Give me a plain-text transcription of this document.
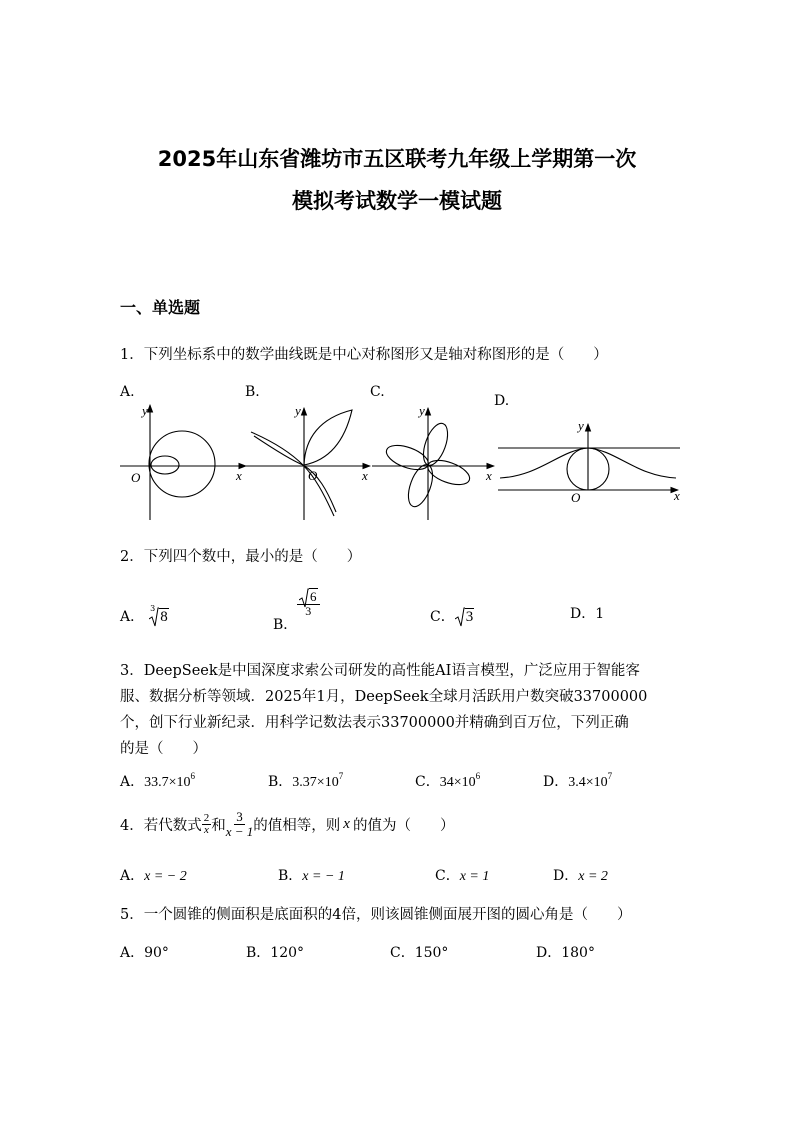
2025年山东省潍坊市五区联考九年级上学期第一次
模拟考试数学一模试题
一、单选题
1．下列坐标系中的数学曲线既是中心对称图形又是轴对称图形的是（　　）
A.	B.	C.
D.
y
x
O
y
x
O
y
x
y
x
O
2．下列四个数中，最小的是（　　）
A．$^3$
8	B．
$\frac{6}{3}$	C． 3	D．1
3．DeepSeek是中国深度求索公司研发的高性能AI语言模型，广泛应用于智能客
服、数据分析等领域．2025年1月，DeepSeek全球月活跃用户数突破33700000
个，创下行业新纪录．用科学记数法表示33700000并精确到百万位，下列正确
的是（　　）
A．$33.7\times 10^6$	B．$3.37\times 10^7$	C．$34\times 10^6$	D．$3.4\times 10^7$
4．若代数式 $\frac{2}{x}$ 和 $\frac{3}{x - 1}$ 的值相等，则 x 的值为（　　）
A．x = − 2	B．x = − 1	C．x = 1	D．x = 2
5．一个圆锥的侧面积是底面积的4倍，则该圆锥侧面展开图的圆心角是（　　）
A．90°	B．120°	C．150°	D．180°
